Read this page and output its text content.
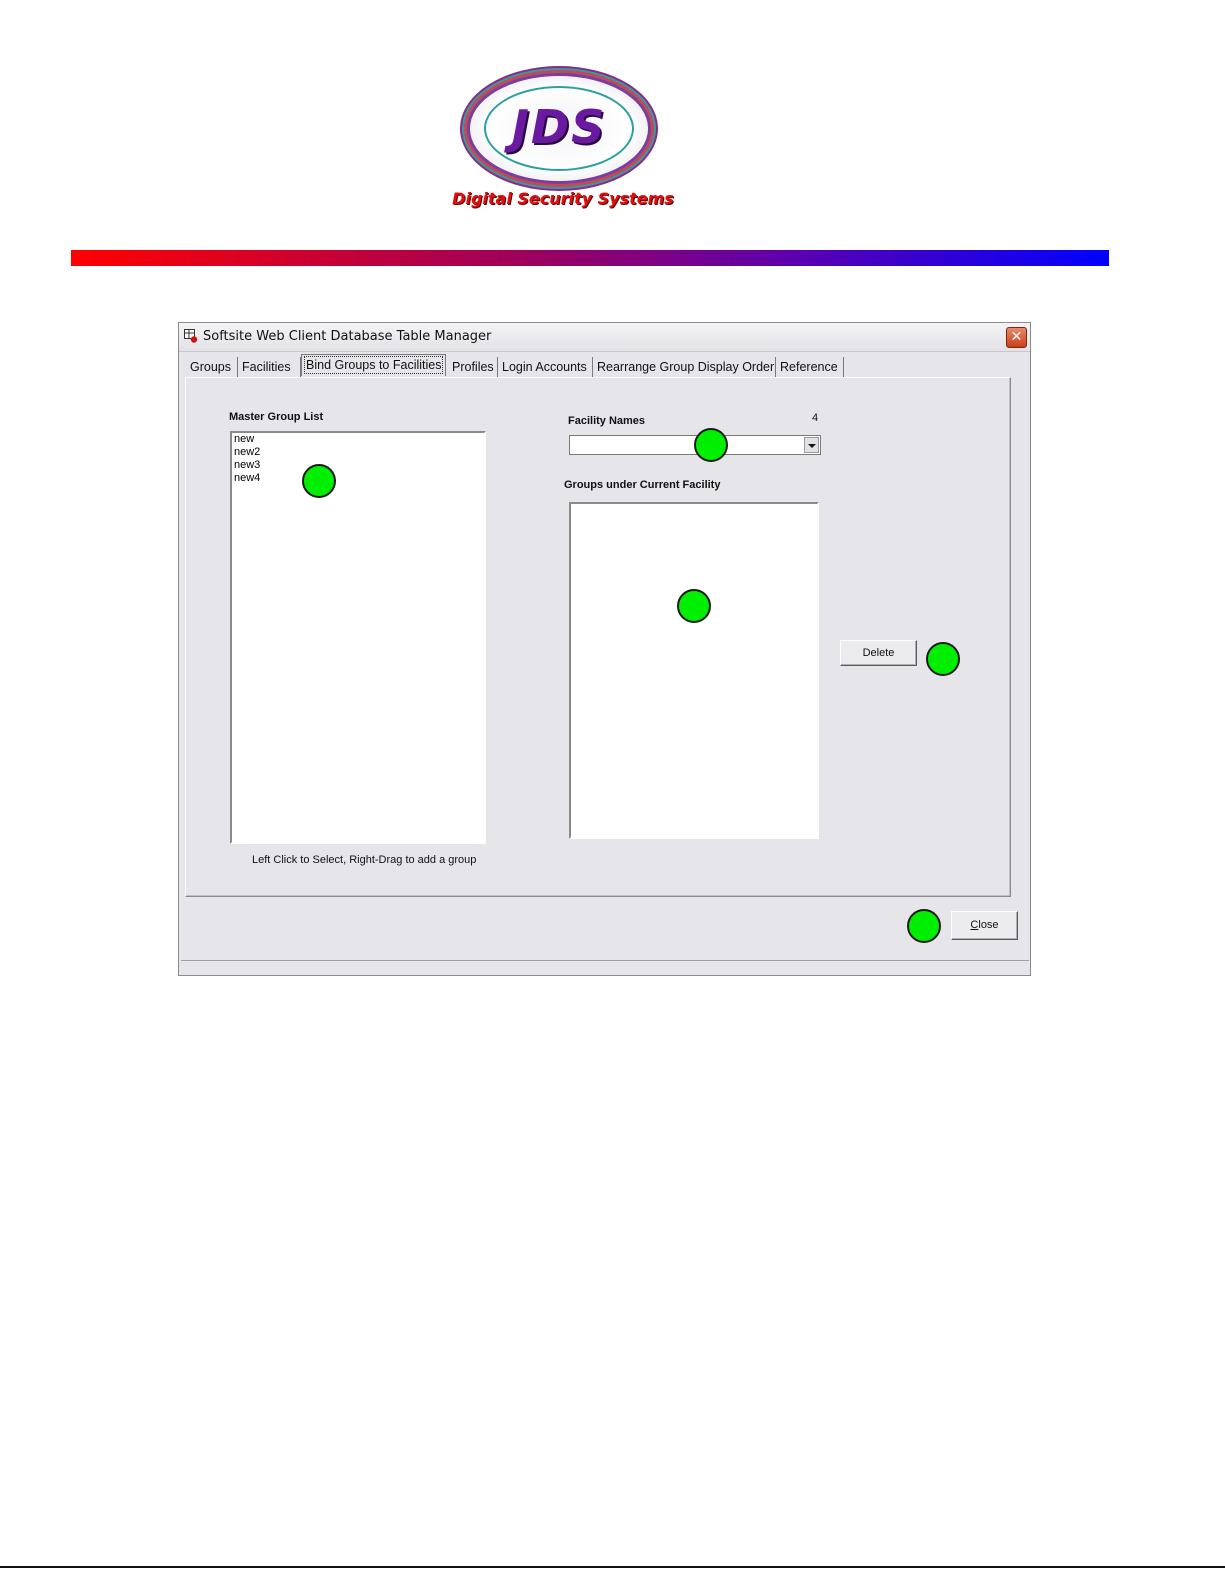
JDS
Digital Security Systems
Softsite Web Client Database Table Manager	✕
Groups Facilities	Bind Groups to Facilities Profiles Login Accounts Rearrange Group Display Order Reference
Master Group List
new
new2
new3
new4
Left Click to Select, Right-Drag to add a group
Facility Names	4
Groups under Current Facility
Delete
Close
